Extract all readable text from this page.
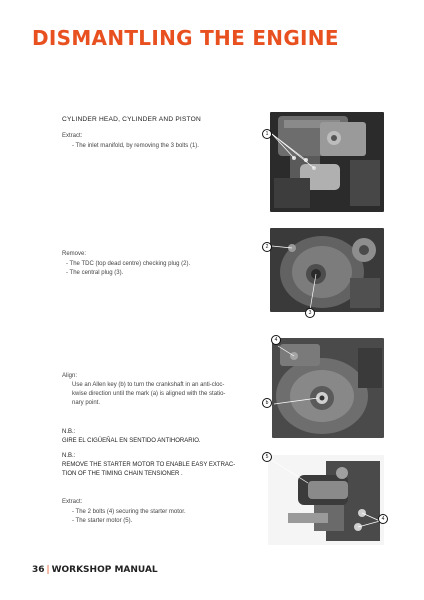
DISMANTLING THE ENGINE
CYLINDER HEAD, CYLINDER AND PISTON
Extract:
- The inlet manifold, by removing the 3 bolts (1).
Remove:
- The TDC (top dead centre) checking plug (2).
- The central plug (3).
Align:
Use an Allen key (b) to turn the crankshaft in an anti-cloc-
kwise direction until the mark (a) is aligned with the statio-
nary point.
N.B.:
GIRE EL CIGÜEÑAL EN SENTIDO ANTIHORARIO.
N.B.:
REMOVE THE STARTER MOTOR TO ENABLE EASY EXTRAC-
TION OF THE TIMING CHAIN TENSIONER .
Extract:
- The 2 bolts (4) securing the starter motor.
- The starter motor (5).
1
2
3
4
b
5
4
36 | WORKSHOP MANUAL
